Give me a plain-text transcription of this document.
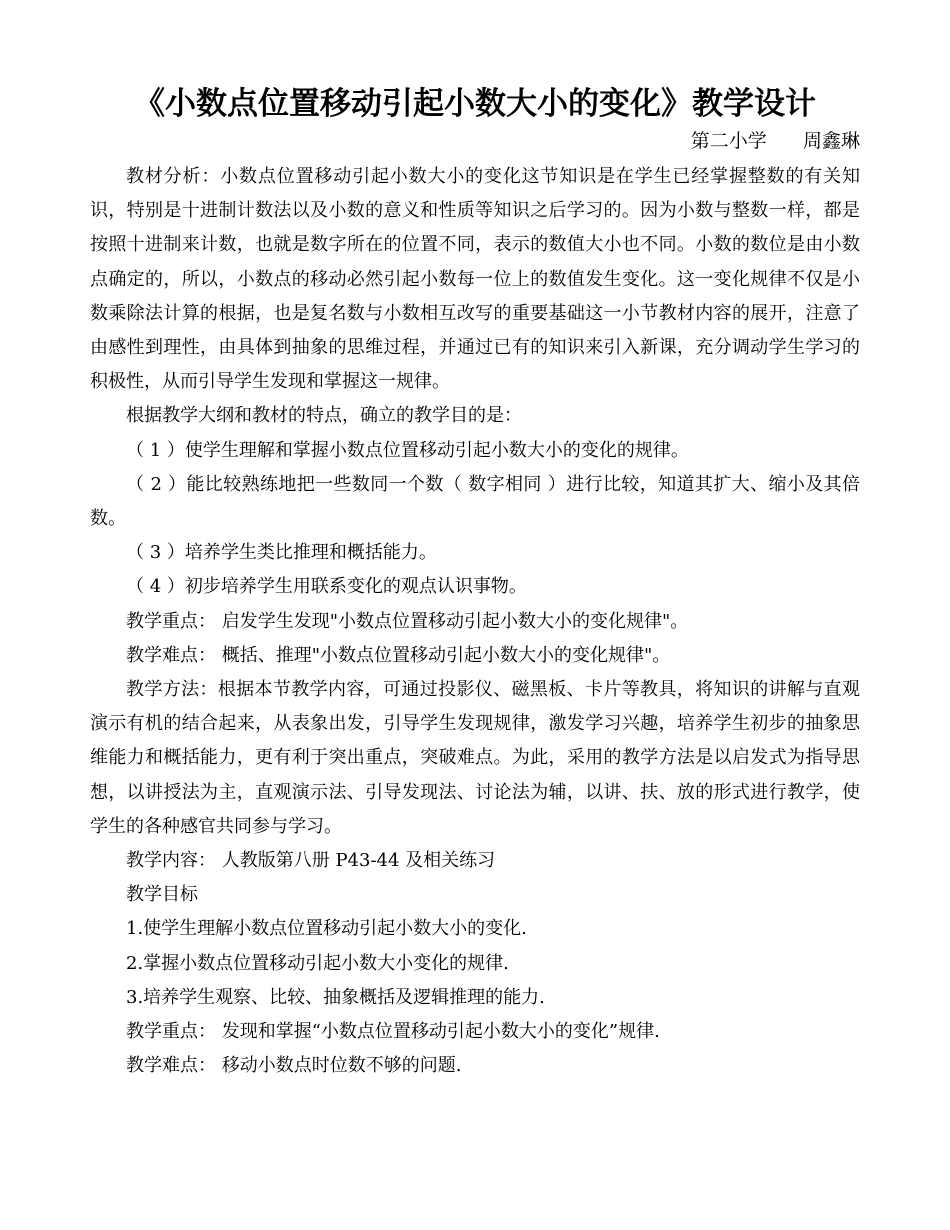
《小数点位置移动引起小数大小的变化》教学设计

第二小学      周鑫琳

教材分析：小数点位置移动引起小数大小的变化这节知识是在学生已经掌握整数的有关知识，特别是十进制计数法以及小数的意义和性质等知识之后学习的。因为小数与整数一样，都是按照十进制来计数，也就是数字所在的位置不同，表示的数值大小也不同。小数的数位是由小数点确定的，所以，小数点的移动必然引起小数每一位上的数值发生变化。这一变化规律不仅是小数乘除法计算的根据，也是复名数与小数相互改写的重要基础这一小节教材内容的展开，注意了由感性到理性，由具体到抽象的思维过程，并通过已有的知识来引入新课，充分调动学生学习的积极性，从而引导学生发现和掌握这一规律。

根据教学大纲和教材的特点，确立的教学目的是：

（ 1 ）使学生理解和掌握小数点位置移动引起小数大小的变化的规律。

（ 2 ）能比较熟练地把一些数同一个数（ 数字相同 ）进行比较，知道其扩大、缩小及其倍数。

（ 3 ）培养学生类比推理和概括能力。

（ 4 ）初步培养学生用联系变化的观点认识事物。

教学重点： 启发学生发现"小数点位置移动引起小数大小的变化规律"。

教学难点： 概括、推理"小数点位置移动引起小数大小的变化规律"。

教学方法：根据本节教学内容，可通过投影仪、磁黑板、卡片等教具，将知识的讲解与直观演示有机的结合起来，从表象出发，引导学生发现规律，激发学习兴趣，培养学生初步的抽象思维能力和概括能力，更有利于突出重点，突破难点。为此，采用的教学方法是以启发式为指导思想，以讲授法为主，直观演示法、引导发现法、讨论法为辅，以讲、扶、放的形式进行教学，使学生的各种感官共同参与学习。

教学内容： 人教版第八册 P43-44 及相关练习

教学目标

1.使学生理解小数点位置移动引起小数大小的变化.

2.掌握小数点位置移动引起小数大小变化的规律.

3.培养学生观察、比较、抽象概括及逻辑推理的能力.

教学重点： 发现和掌握“小数点位置移动引起小数大小的变化”规律.

教学难点： 移动小数点时位数不够的问题.
